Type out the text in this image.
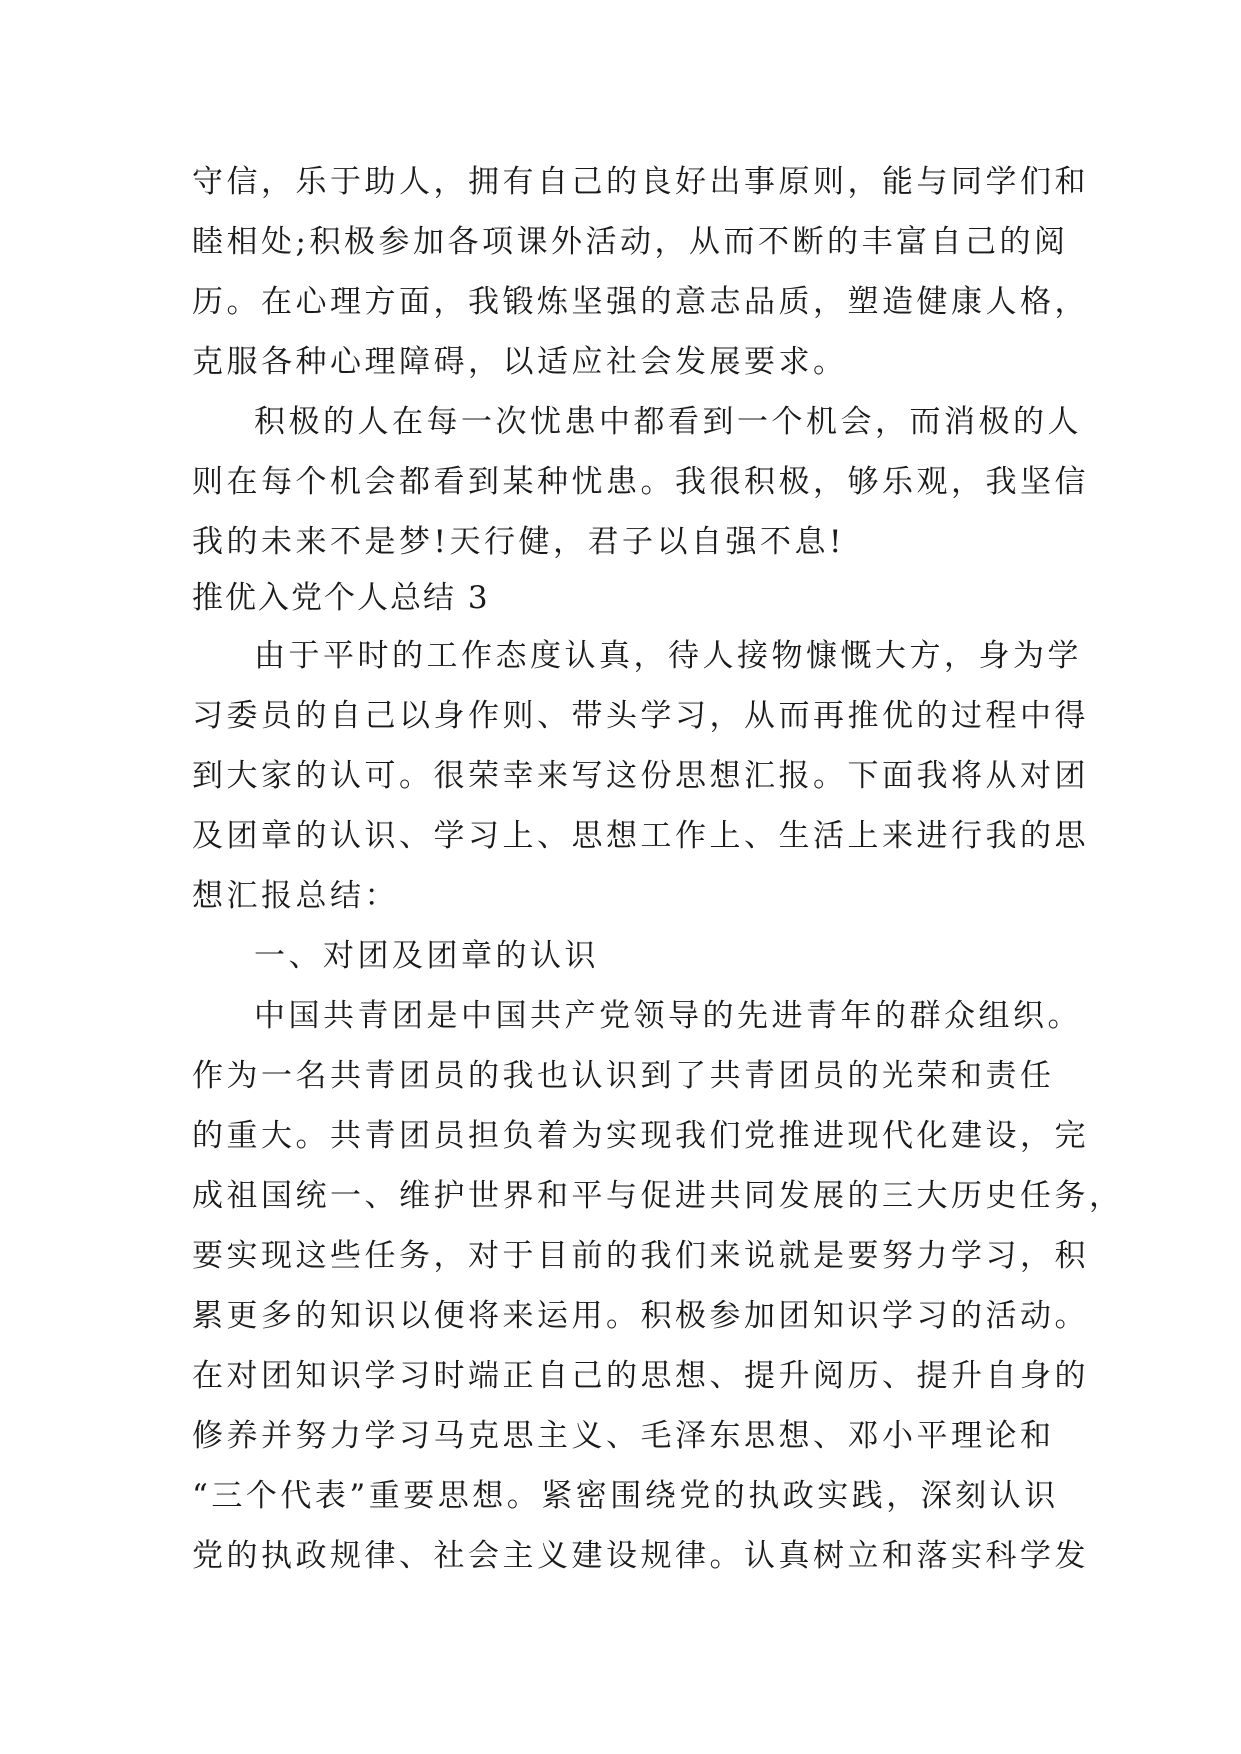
守信，乐于助人，拥有自己的良好出事原则，能与同学们和

睦相处;积极参加各项课外活动，从而不断的丰富自己的阅

历。在心理方面，我锻炼坚强的意志品质，塑造健康人格，

克服各种心理障碍，以适应社会发展要求。

积极的人在每一次忧患中都看到一个机会，而消极的人

则在每个机会都看到某种忧患。我很积极，够乐观，我坚信

我的未来不是梦!天行健，君子以自强不息!

推优入党个人总结 3

由于平时的工作态度认真，待人接物慷慨大方，身为学

习委员的自己以身作则、带头学习，从而再推优的过程中得

到大家的认可。很荣幸来写这份思想汇报。下面我将从对团

及团章的认识、学习上、思想工作上、生活上来进行我的思

想汇报总结：

一、对团及团章的认识

中国共青团是中国共产党领导的先进青年的群众组织。

作为一名共青团员的我也认识到了共青团员的光荣和责任

的重大。共青团员担负着为实现我们党推进现代化建设，完

成祖国统一、维护世界和平与促进共同发展的三大历史任务，

要实现这些任务，对于目前的我们来说就是要努力学习，积

累更多的知识以便将来运用。积极参加团知识学习的活动。

在对团知识学习时端正自己的思想、提升阅历、提升自身的

修养并努力学习马克思主义、毛泽东思想、邓小平理论和

“三个代表”重要思想。紧密围绕党的执政实践，深刻认识

党的执政规律、社会主义建设规律。认真树立和落实科学发
